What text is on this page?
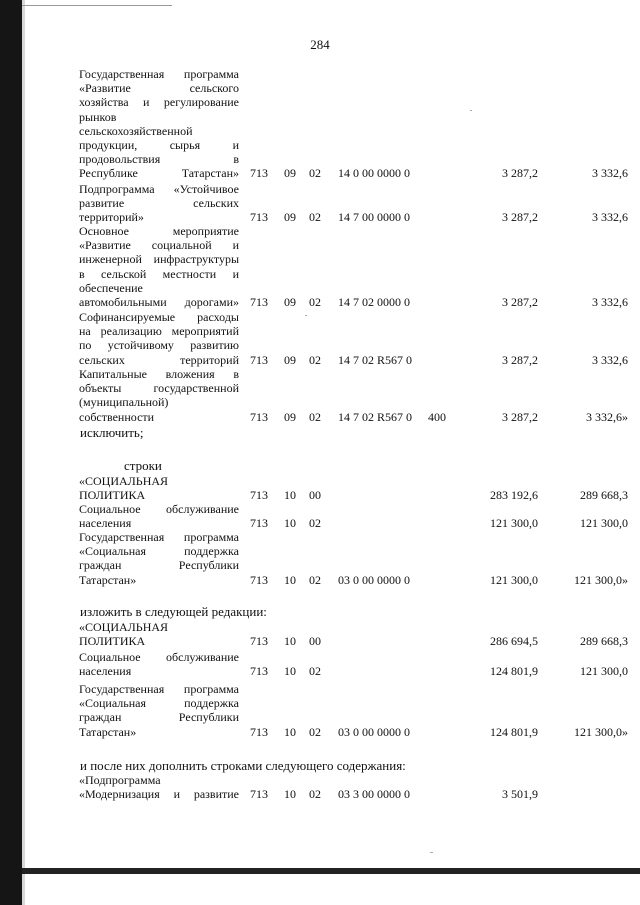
284
Государственная программа
«Развитие сельского
хозяйства и регулирование
рынков
сельскохозяйственной
продукции, сырья и
продовольствия в
Республике Татарстан» 713 09 02 14 0 00 0000 0	3 287,2	3 332,6
Подпрограмма «Устойчивое
развитие сельских
территорий»	713 09 02 14 7 00 0000 0	3 287,2	3 332,6
Основное мероприятие
«Развитие социальной и
инженерной инфраструктуры
в сельской местности и
обеспечение
автомобильными дорогами» 713 09 02 14 7 02 0000 0	3 287,2	3 332,6
Софинансируемые расходы
на реализацию мероприятий
по устойчивому развитию
сельских территорий 713 09 02 14 7 02 R567 0	3 287,2	3 332,6
Капитальные вложения в
объекты государственной
(муниципальной)
собственности	713 09 02 14 7 02 R567 0 400	3 287,2	3 332,6»
«СОЦИАЛЬНАЯ
ПОЛИТИКА	713 10 00	283 192,6	289 668,3
Социальное обслуживание
населения	713 10 02	121 300,0	121 300,0
Государственная программа
«Социальная поддержка
граждан Республики
Татарстан»	713 10 02 03 0 00 0000 0	121 300,0	121 300,0»
«СОЦИАЛЬНАЯ
ПОЛИТИКА	713 10 00	286 694,5	289 668,3
Социальное обслуживание
населения	713 10 02	124 801,9	121 300,0
Государственная программа
«Социальная поддержка
граждан Республики
Татарстан»	713 10 02 03 0 00 0000 0	124 801,9	121 300,0»
«Подпрограмма
«Модернизация и развитие 713 10 02 03 3 00 0000 0	3 501,9
исключить;
строки
изложить в следующей редакции:
и после них дополнить строками следующего содержания:
